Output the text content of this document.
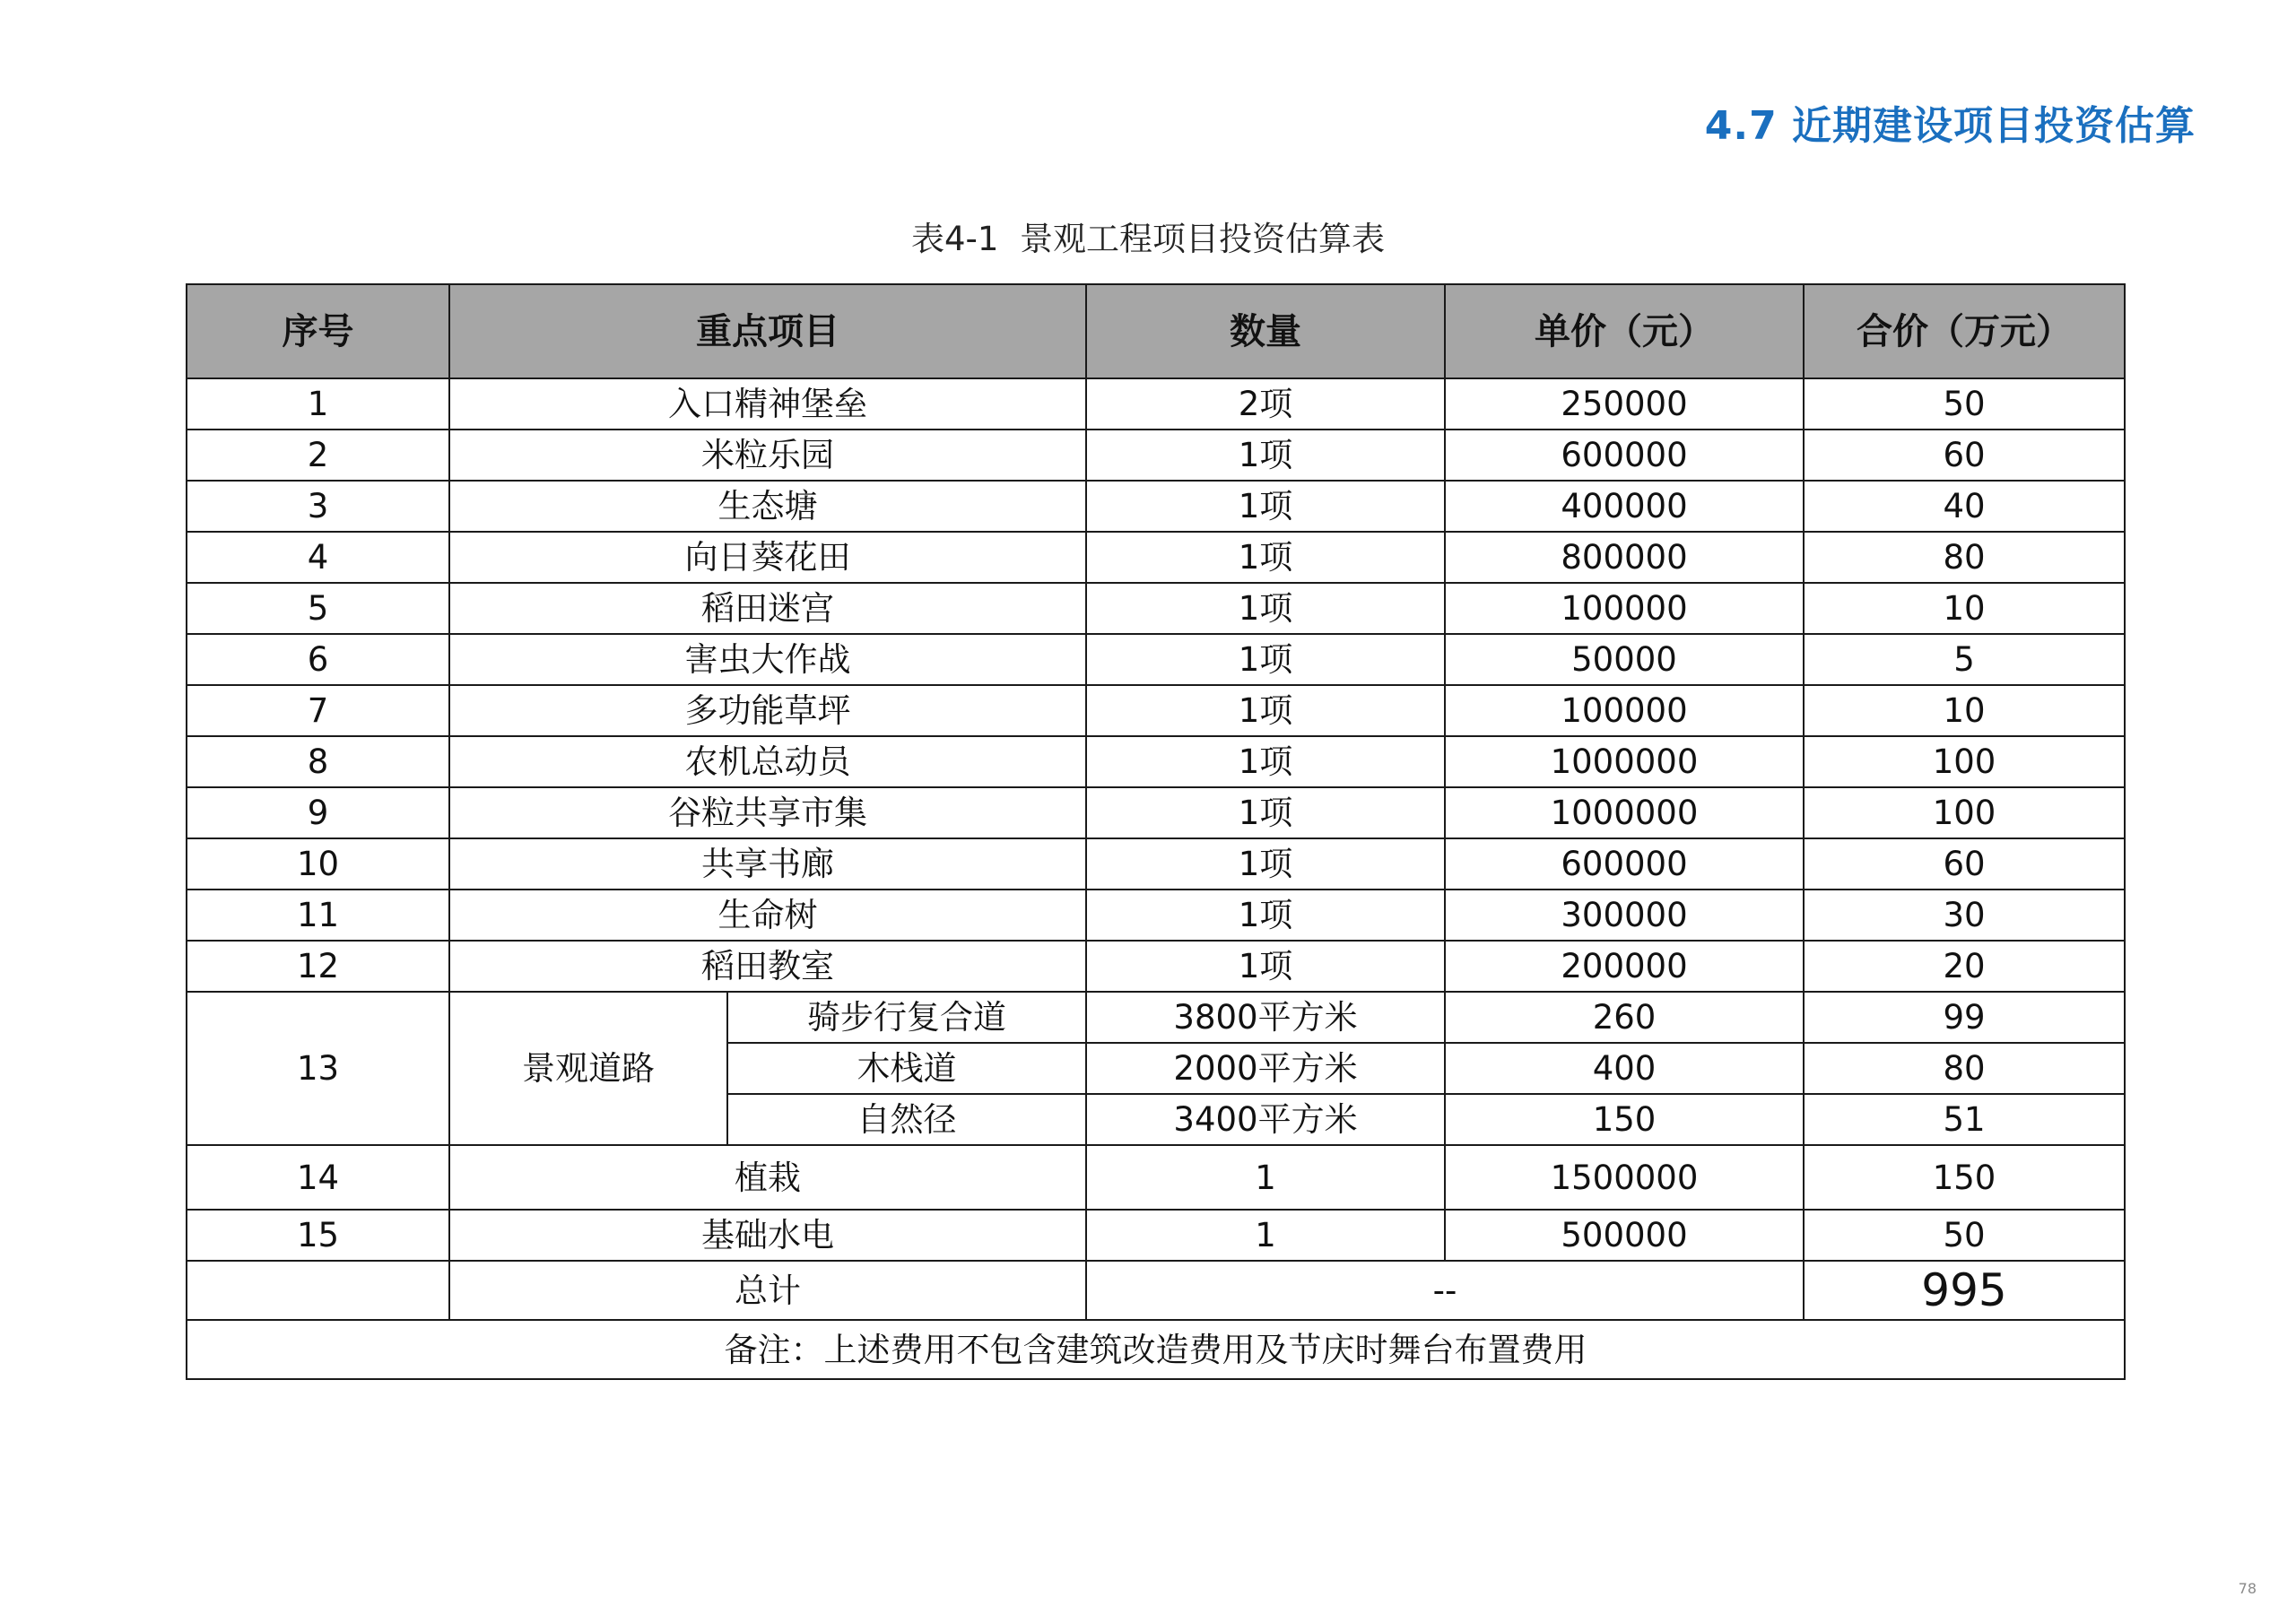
4.7 近期建设项目投资估算
表4-1  景观工程项目投资估算表
序号	重点项目		数量	单价（元）	合价（万元）
1	入口精神堡垒		2项	250000	50
2	米粒乐园		1项	600000	60
3	生态塘		1项	400000	40
4	向日葵花田		1项	800000	80
5	稻田迷宫		1项	100000	10
6	害虫大作战		1项	50000	5
7	多功能草坪		1项	100000	10
8	农机总动员		1项	1000000	100
9	谷粒共享市集		1项	1000000	100
10	共享书廊		1项	600000	60
11	生命树		1项	300000	30
12	稻田教室		1项	200000	20
13	景观道路	骑步行复合道	3800平方米	260	99
		木栈道	2000平方米	400	80
		自然径	3400平方米	150	51
14	植栽		1	1500000	150
15	基础水电		1	500000	50
	总计		--		995
备注：上述费用不包含建筑改造费用及节庆时舞台布置费用					
78
